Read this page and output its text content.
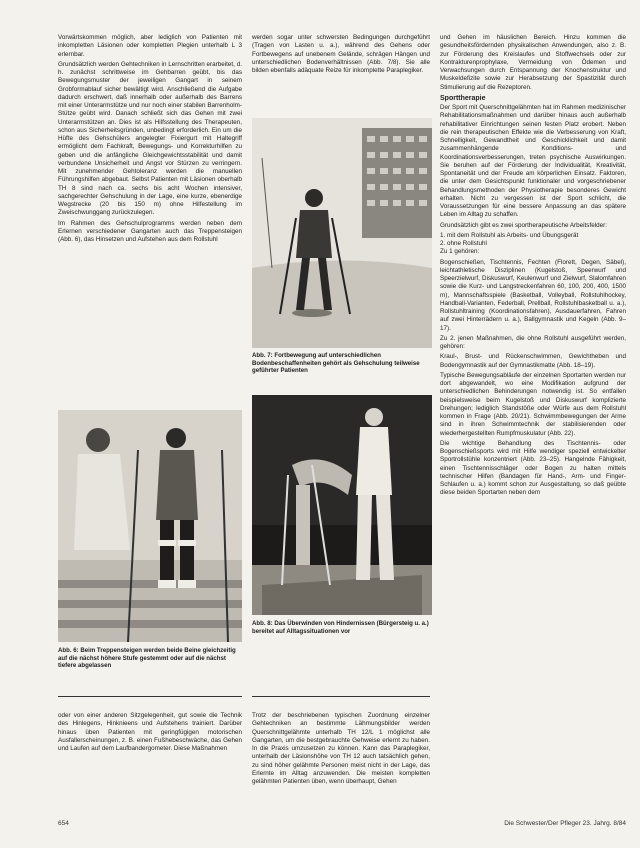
Vorwärtskommen möglich, aber lediglich von Patienten mit inkompletten Läsionen oder kompletten Plegien unterhalb L 3 erlernbar.

Grundsätzlich werden Gehtechniken in Lernschritten erarbeitet, d. h. zunächst schrittweise im Gehbarren geübt, bis das Bewegungsmuster der jeweiligen Gangart in seinem Grobformablauf sicher bewältigt wird. Anschließend die Aufgabe dadurch erschwert, daß innerhalb oder außerhalb des Barrens mit einer Unterarmstütze und nur noch einer stabilen Barrenholm-Stütze geübt wird. Danach schließt sich das Gehen mit zwei Unterarmstützen an. Dies ist als Hilfsstellung des Therapeuten, schon aus Sicherheitsgründen, unbedingt erforderlich. Ein um die Hüfte des Gehschülers angelegter Fixiergurt mit Haltegriff ermöglicht dem Fachkraft, Bewegungs- und Korrekturhilfen zu geben und die anfängliche Gleichgewichtsstabilität und damit verbundene Unsicherheit und Angst vor Stürzen zu verringern. Mit zunehmender Gehtoleranz werden die manuellen Führungshilfen abgebaut. Selbst Patienten mit Läsionen oberhalb TH 8 sind nach ca. sechs bis acht Wochen intensiver, sachgerechter Gehschulung in der Lage, eine kurze, ebenerdige Wegstrecke (20 bis 150 m) ohne Hilfestellung im Zweischwunggang zurückzulegen.

Im Rahmen des Gehschulprogramms werden neben dem Erlernen verschiedener Gangarten auch das Treppensteigen (Abb. 6), das Hinsetzen und Aufstehen aus dem Rollstuhl

werden sogar unter schwersten Bedingungen durchgeführt (Tragen von Lasten u. a.), während des Gehens oder Fortbewegens auf unebenem Gelände, schrägen Hängen und unterschiedlichen Bodenverhältnissen (Abb. 7/8). Sie alle bilden ebenfalls adäquate Reize für inkomplette Paraplegiker.

Abb. 7: Fortbewegung auf unterschiedlichen Bodenbeschaffenheiten gehört als Gehschulung teilweise geführter Patienten
Abb. 8: Das Überwinden von Hindernissen (Bürgersteig u. a.) bereitet auf Alltagssituationen vor
Abb. 6: Beim Treppensteigen werden beide Beine gleichzeitig auf die nächst höhere Stufe gestemmt oder auf die nächst tiefere abgelassen

oder von einer anderen Sitzgelegenheit, gut sowie die Technik des Hinlegens, Hinknieens und Aufstehens trainiert. Darüber hinaus üben Patienten mit geringfügigen motorischen Ausfallerscheinungen, z. B. einen Fußhebeschwäche, das Gehen und Laufen auf dem Laufbandergometer. Diese Maßnahmen

Trotz der beschriebenen typischen Zuordnung einzelner Gehtechniken an bestimmte Lähmungsbilder werden Querschnittgelähmte unterhalb TH 12/L 1 möglichst alle Gangarten, um die bestgebrauchte Gehweise erlernt zu haben. In die Praxis umzusetzen zu können. Kann das Paraplegiker, unterhalb der Läsionshöhe von TH 12 auch tatsächlich gehen, zu sind höher gelähmte Personen meist nicht in der Lage, das Erlernte im Alltag anzuwenden. Die meisten kompletten gelähmten Patienten üben, wenn überhaupt, Gehen

und Gehen im häuslichen Bereich. Hinzu kommen die gesundheitsfördernden physikalischen Anwendungen, also z. B. zur Förderung des Kreislaufes und Stoffwechsels oder zur Kontrakturenprophylaxe, Vermeidung von Ödemen und Verwachsungen durch Entspannung der Knochenstruktur und Muskeldefizite sowie zur Herabsetzung der Spastizität durch Stimulierung auf die Rezeptoren.

Sporttherapie

Der Sport mit Querschnittgelähmten hat im Rahmen medizinischer Rehabilitationsmaßnahmen und darüber hinaus auch außerhalb rehabilitativer Einrichtungen seinen festen Platz erobert. Neben die rein therapeutischen Effekte wie die Verbesserung von Kraft, Schnelligkeit, Gewandtheit und Geschicklichkeit und damit zusammenhängende Konditions- und Koordinationsverbesserungen, treten psychische Auswirkungen. Sie beruhen auf der Förderung der Individualität, Kreativität, Spontaneität und der Freude am körperlichen Einsatz. Faktoren, die unter dem Gesichtspunkt funktionaler und vorgeschriebener Behandlungsmethoden der Physiotherapie besonderes Gewicht erhalten. Nicht zu vergessen ist der Sport schlicht, die Voraussetzungen für eine bessere Anpassung an das spätere Leben im Alltag zu schaffen.

Grundsätzlich gibt es zwei sportherapeutische Arbeitsfelder:

1. mit dem Rollstuhl als Arbeits- und Übungsgerät
2. ohne Rollstuhl

Zu 1 gehören:

Bogenschießen, Tischtennis, Fechten (Florett, Degen, Säbel), leichtathletische Disziplinen (Kugelstoß, Speerwurf und Speerzielwurf, Diskuswurf, Keulenwurf und Zielwurf, Slalomfahren sowie die Kurz- und Langstreckenfahren 60, 100, 200, 400, 1500 m), Mannschaftsspiele (Basketball, Volleyball, Rollstuhlhockey, Handball-Varianten, Federball, Prellball, Rollstuhlbasketball u. a.), Rollstuhltraining (Koordinationsfahren), Ausdauerfahren, Fahren auf zwei Hinterrädern u. a.), Ballgymnastik und Kegeln (Abb. 9–17).

Zu 2. jenen Maßnahmen, die ohne Rollstuhl ausgeführt werden, gehören:

Kraul-, Brust- und Rückenschwimmen, Gewichtheben und Bodengymnastik auf der Gymnastikmatte (Abb. 18–19).

Typische Bewegungsabläufe der einzelnen Sportarten werden nur dort abgewandelt, wo eine Modifikation aufgrund der unterschiedlichen Behinderungen notwendig ist. So entfallen beispielsweise beim Kugelstoß und Diskuswurf komplizierte Drehungen; lediglich Standstöße oder Würfe aus dem Rollstuhl kommen in Frage (Abb. 20/21). Schwimmbewegungen der Arme sind in ihren Schwimmtechnik der stabilisierenden oder wiederhergestellten Rumpfmuskulatur (Abb. 22).

Die wichtige Behandlung des Tischtennis- oder Bogenschießsports wird mit Hilfe wendiger speziell entwickelter Sportrollstühle konzentriert (Abb. 23–25). Hangelnde Fähigkeit, einen Tischtennisschläger oder Bogen zu halten mittels technischer Hilfen (Bandagen für Hand-, Arm- und Finger-Schlaufen u. a.) kommt schon zur Ausgestaltung, so daß geübte diese beiden Sportarten neben dem

654	Die Schwester/Der Pfleger 23. Jahrg. 8/84
